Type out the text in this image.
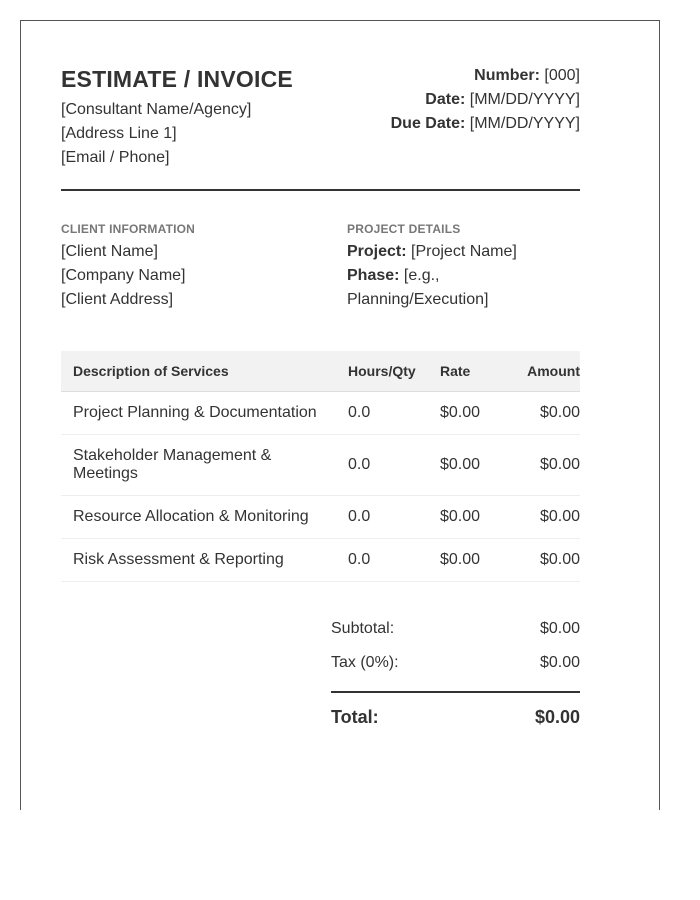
ESTIMATE / INVOICE
[Consultant Name/Agency]
[Address Line 1]
[Email / Phone]
Number: [000]
Date: [MM/DD/YYYY]
Due Date: [MM/DD/YYYY]
CLIENT INFORMATION
[Client Name]
[Company Name]
[Client Address]
PROJECT DETAILS
Project: [Project Name]
Phase: [e.g.,
Planning/Execution]
Description of Services	Hours/Qty	Rate	Amount
Project Planning & Documentation	0.0	$0.00	$0.00
Stakeholder Management & Meetings	0.0	$0.00	$0.00
Resource Allocation & Monitoring	0.0	$0.00	$0.00
Risk Assessment & Reporting	0.0	$0.00	$0.00
Subtotal:	$0.00
Tax (0%):	$0.00
Total:	$0.00
